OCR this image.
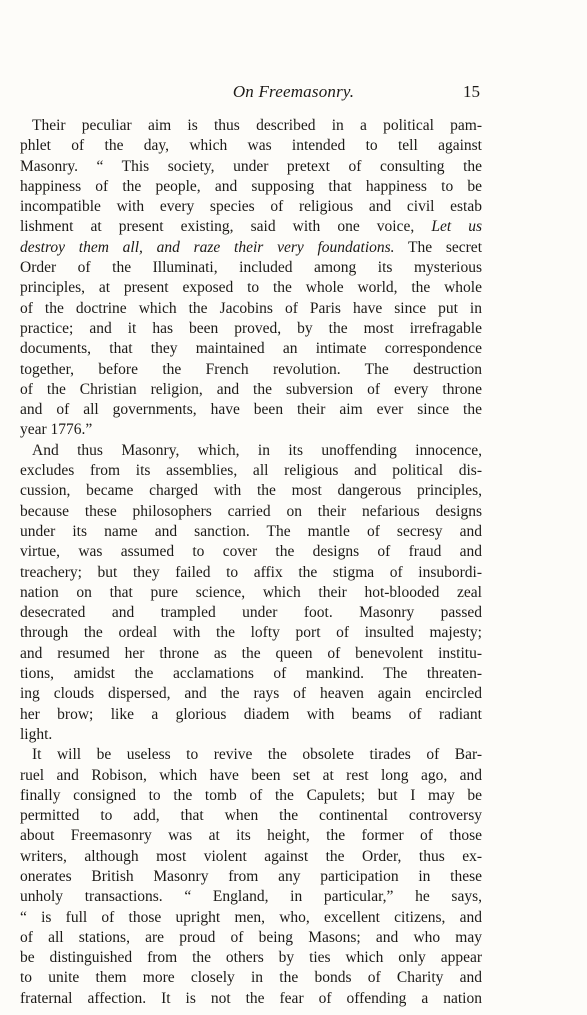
On Freemasonry.	15
Their peculiar aim is thus described in a political pam-
phlet of the day, which was intended to tell against
Masonry. “ This society, under pretext of consulting the
happiness of the people, and supposing that happiness to be
incompatible with every species of religious and civil estab
lishment at present existing, said with one voice, Let us
destroy them all, and raze their very foundations. The secret
Order of the Illuminati, included among its mysterious
principles, at present exposed to the whole world, the whole
of the doctrine which the Jacobins of Paris have since put in
practice; and it has been proved, by the most irrefragable
documents, that they maintained an intimate correspondence
together, before the French revolution. The destruction
of the Christian religion, and the subversion of every throne
and of all governments, have been their aim ever since the
year 1776.”
And thus Masonry, which, in its unoffending innocence,
excludes from its assemblies, all religious and political dis-
cussion, became charged with the most dangerous principles,
because these philosophers carried on their nefarious designs
under its name and sanction. The mantle of secresy and
virtue, was assumed to cover the designs of fraud and
treachery; but they failed to affix the stigma of insubordi-
nation on that pure science, which their hot-blooded zeal
desecrated and trampled under foot. Masonry passed
through the ordeal with the lofty port of insulted majesty;
and resumed her throne as the queen of benevolent institu-
tions, amidst the acclamations of mankind. The threaten-
ing clouds dispersed, and the rays of heaven again encircled
her brow; like a glorious diadem with beams of radiant
light.
It will be useless to revive the obsolete tirades of Bar-
ruel and Robison, which have been set at rest long ago, and
finally consigned to the tomb of the Capulets; but I may be
permitted to add, that when the continental controversy
about Freemasonry was at its height, the former of those
writers, although most violent against the Order, thus ex-
onerates British Masonry from any participation in these
unholy transactions. “ England, in particular,” he says,
“ is full of those upright men, who, excellent citizens, and
of all stations, are proud of being Masons; and who may
be distinguished from the others by ties which only appear
to unite them more closely in the bonds of Charity and
fraternal affection. It is not the fear of offending a nation
